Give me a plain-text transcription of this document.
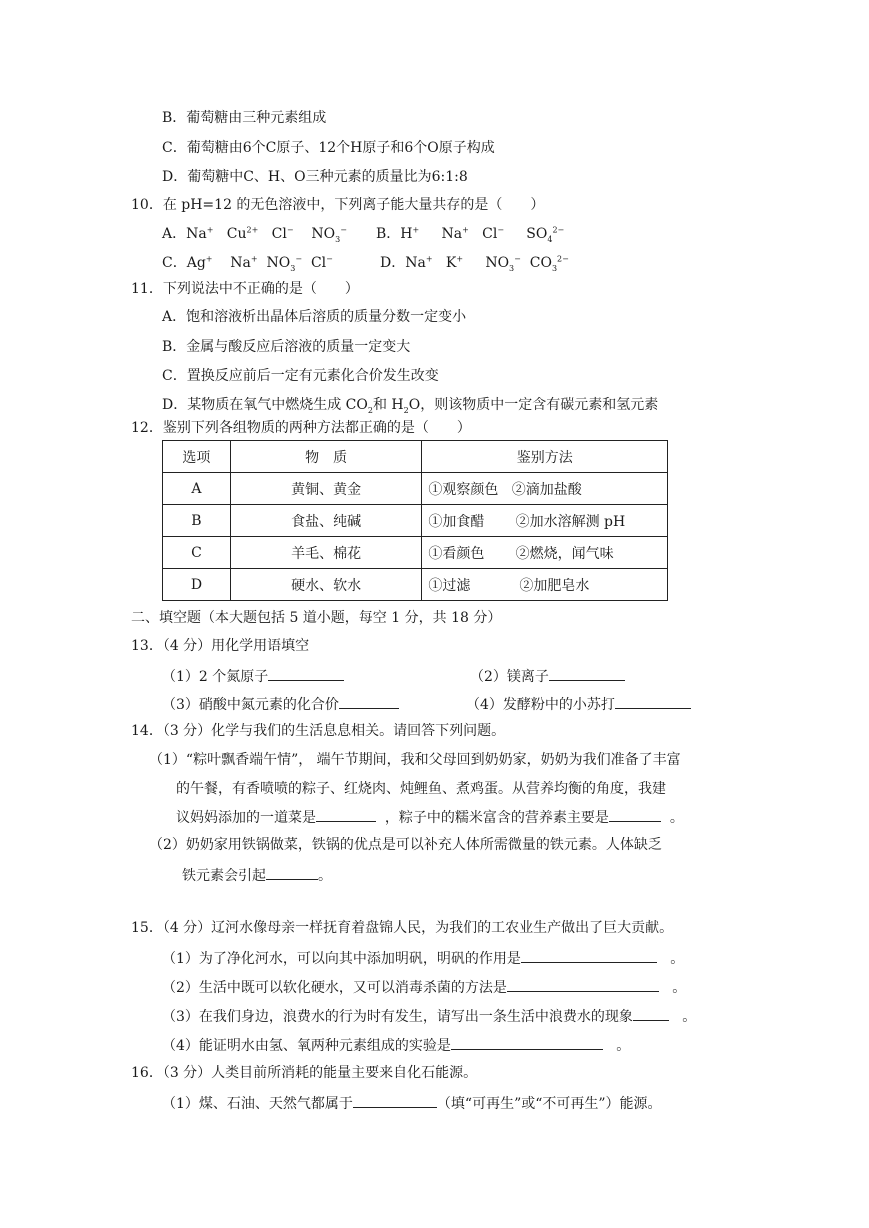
B．葡萄糖由三种元素组成
C．葡萄糖由6个C原子、12个H原子和6个O原子构成
D．葡萄糖中C、H、O三种元素的质量比为6:1:8
10．在 pH=12 的无色溶液中，下列离子能大量共存的是（　　）
A．Na+   $Cu^{2+}$   Cl−    $NO_3^-$ B．H+     Na+   Cl−     $SO_4^{2-}$
C．Ag+    Na+  $NO_3^-$  Cl−	D．Na+   K+     $NO_3^-$  $CO_3^{2-}$
11．下列说法中不正确的是（　　）
A．饱和溶液析出晶体后溶质的质量分数一定变小
B．金属与酸反应后溶液的质量一定变大
C．置换反应前后一定有元素化合价发生改变
D．某物质在氧气中燃烧生成 $CO_2$和 $H_2O$，则该物质中一定含有碳元素和氢元素
12．鉴别下列各组物质的两种方法都正确的是（　　）
选项	物　质	鉴别方法
A	黄铜、黄金	①观察颜色 ②滴加盐酸
B	食盐、纯碱	①加食醋 ②加水溶解测 pH
C	羊毛、棉花	①看颜色 ②燃烧，闻气味
D	硬水、软水	①过滤 ②加肥皂水
二、填空题（本大题包括 5 道小题，每空 1 分，共 18 分）
13．（4 分）用化学用语填空
（1）2 个氮原子	（2）镁离子
（3）硝酸中氮元素的化合价	（4）发酵粉中的小苏打
14．（3 分）化学与我们的生活息息相关。请回答下列问题。
（1）“粽叶飘香端午情”， 端午节期间，我和父母回到奶奶家，奶奶为我们准备了丰富
的午餐，有香喷喷的粽子、红烧肉、炖鲤鱼、煮鸡蛋。从营养均衡的角度，我建
议妈妈添加的一道菜是	，粽子中的糯米富含的营养素主要是	。
（2）奶奶家用铁锅做菜，铁锅的优点是可以补充人体所需微量的铁元素。人体缺乏
铁元素会引起	。
15．（4 分）辽河水像母亲一样抚育着盘锦人民，为我们的工农业生产做出了巨大贡献。
（1）为了净化河水，可以向其中添加明矾，明矾的作用是	。
（2）生活中既可以软化硬水，又可以消毒杀菌的方法是	。
（3）在我们身边，浪费水的行为时有发生，请写出一条生活中浪费水的现象	。
（4）能证明水由氢、氧两种元素组成的实验是	。
16．（3 分）人类目前所消耗的能量主要来自化石能源。
（1）煤、石油、天然气都属于	（填“可再生”或“不可再生”）能源。
